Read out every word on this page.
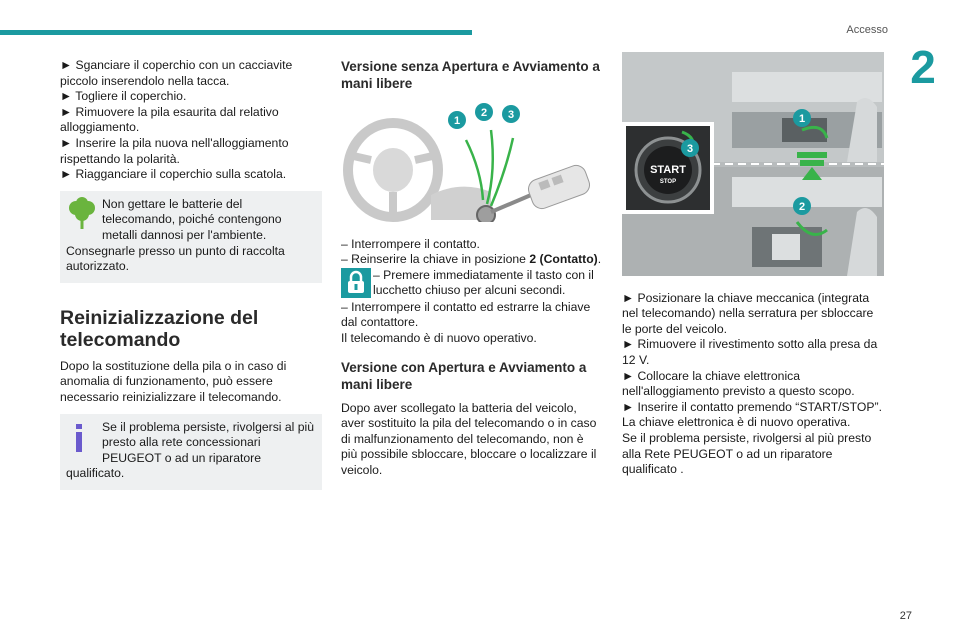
Accesso
2

► Sganciare il coperchio con un cacciavite piccolo inserendolo nella tacca.

► Togliere il coperchio.

► Rimuovere la pila esaurita dal relativo alloggiamento.

► Inserire la pila nuova nell'alloggiamento rispettando la polarità.

► Riagganciare il coperchio sulla scatola.

Non gettare le batterie del telecomando, poiché contengono metalli dannosi per l'ambiente. Consegnarle presso un punto di raccolta autorizzato.

Reinizializzazione del telecomando

Dopo la sostituzione della pila o in caso di anomalia di funzionamento, può essere necessario reinizializzare il telecomando.

Se il problema persiste, rivolgersi al più presto alla rete concessionari PEUGEOT o ad un riparatore qualificato.

Versione senza Apertura e Avviamento a mani libere
1
2 3

– Interrompere il contatto.

– Reinserire la chiave in posizione 2 (Contatto).

– Premere immediatamente il tasto con il lucchetto chiuso per alcuni secondi.

– Interrompere il contatto ed estrarre la chiave dal contattore.

Il telecomando è di nuovo operativo.

Versione con Apertura e Avviamento a mani libere

Dopo aver scollegato la batteria del veicolo, aver sostituito la pila del telecomando o in caso di malfunzionamento del telecomando, non è più possibile sbloccare, bloccare o localizzare il veicolo.

START
STOP
1
2
3

► Posizionare la chiave meccanica (integrata nel telecomando) nella serratura per sbloccare le porte del veicolo.

► Rimuovere il rivestimento sotto alla presa da 12 V.

► Collocare la chiave elettronica nell'alloggiamento previsto a questo scopo.

► Inserire il contatto premendo “START/STOP”.

La chiave elettronica è di nuovo operativa.

Se il problema persiste, rivolgersi al più presto alla Rete PEUGEOT o ad un riparatore qualificato .

27
